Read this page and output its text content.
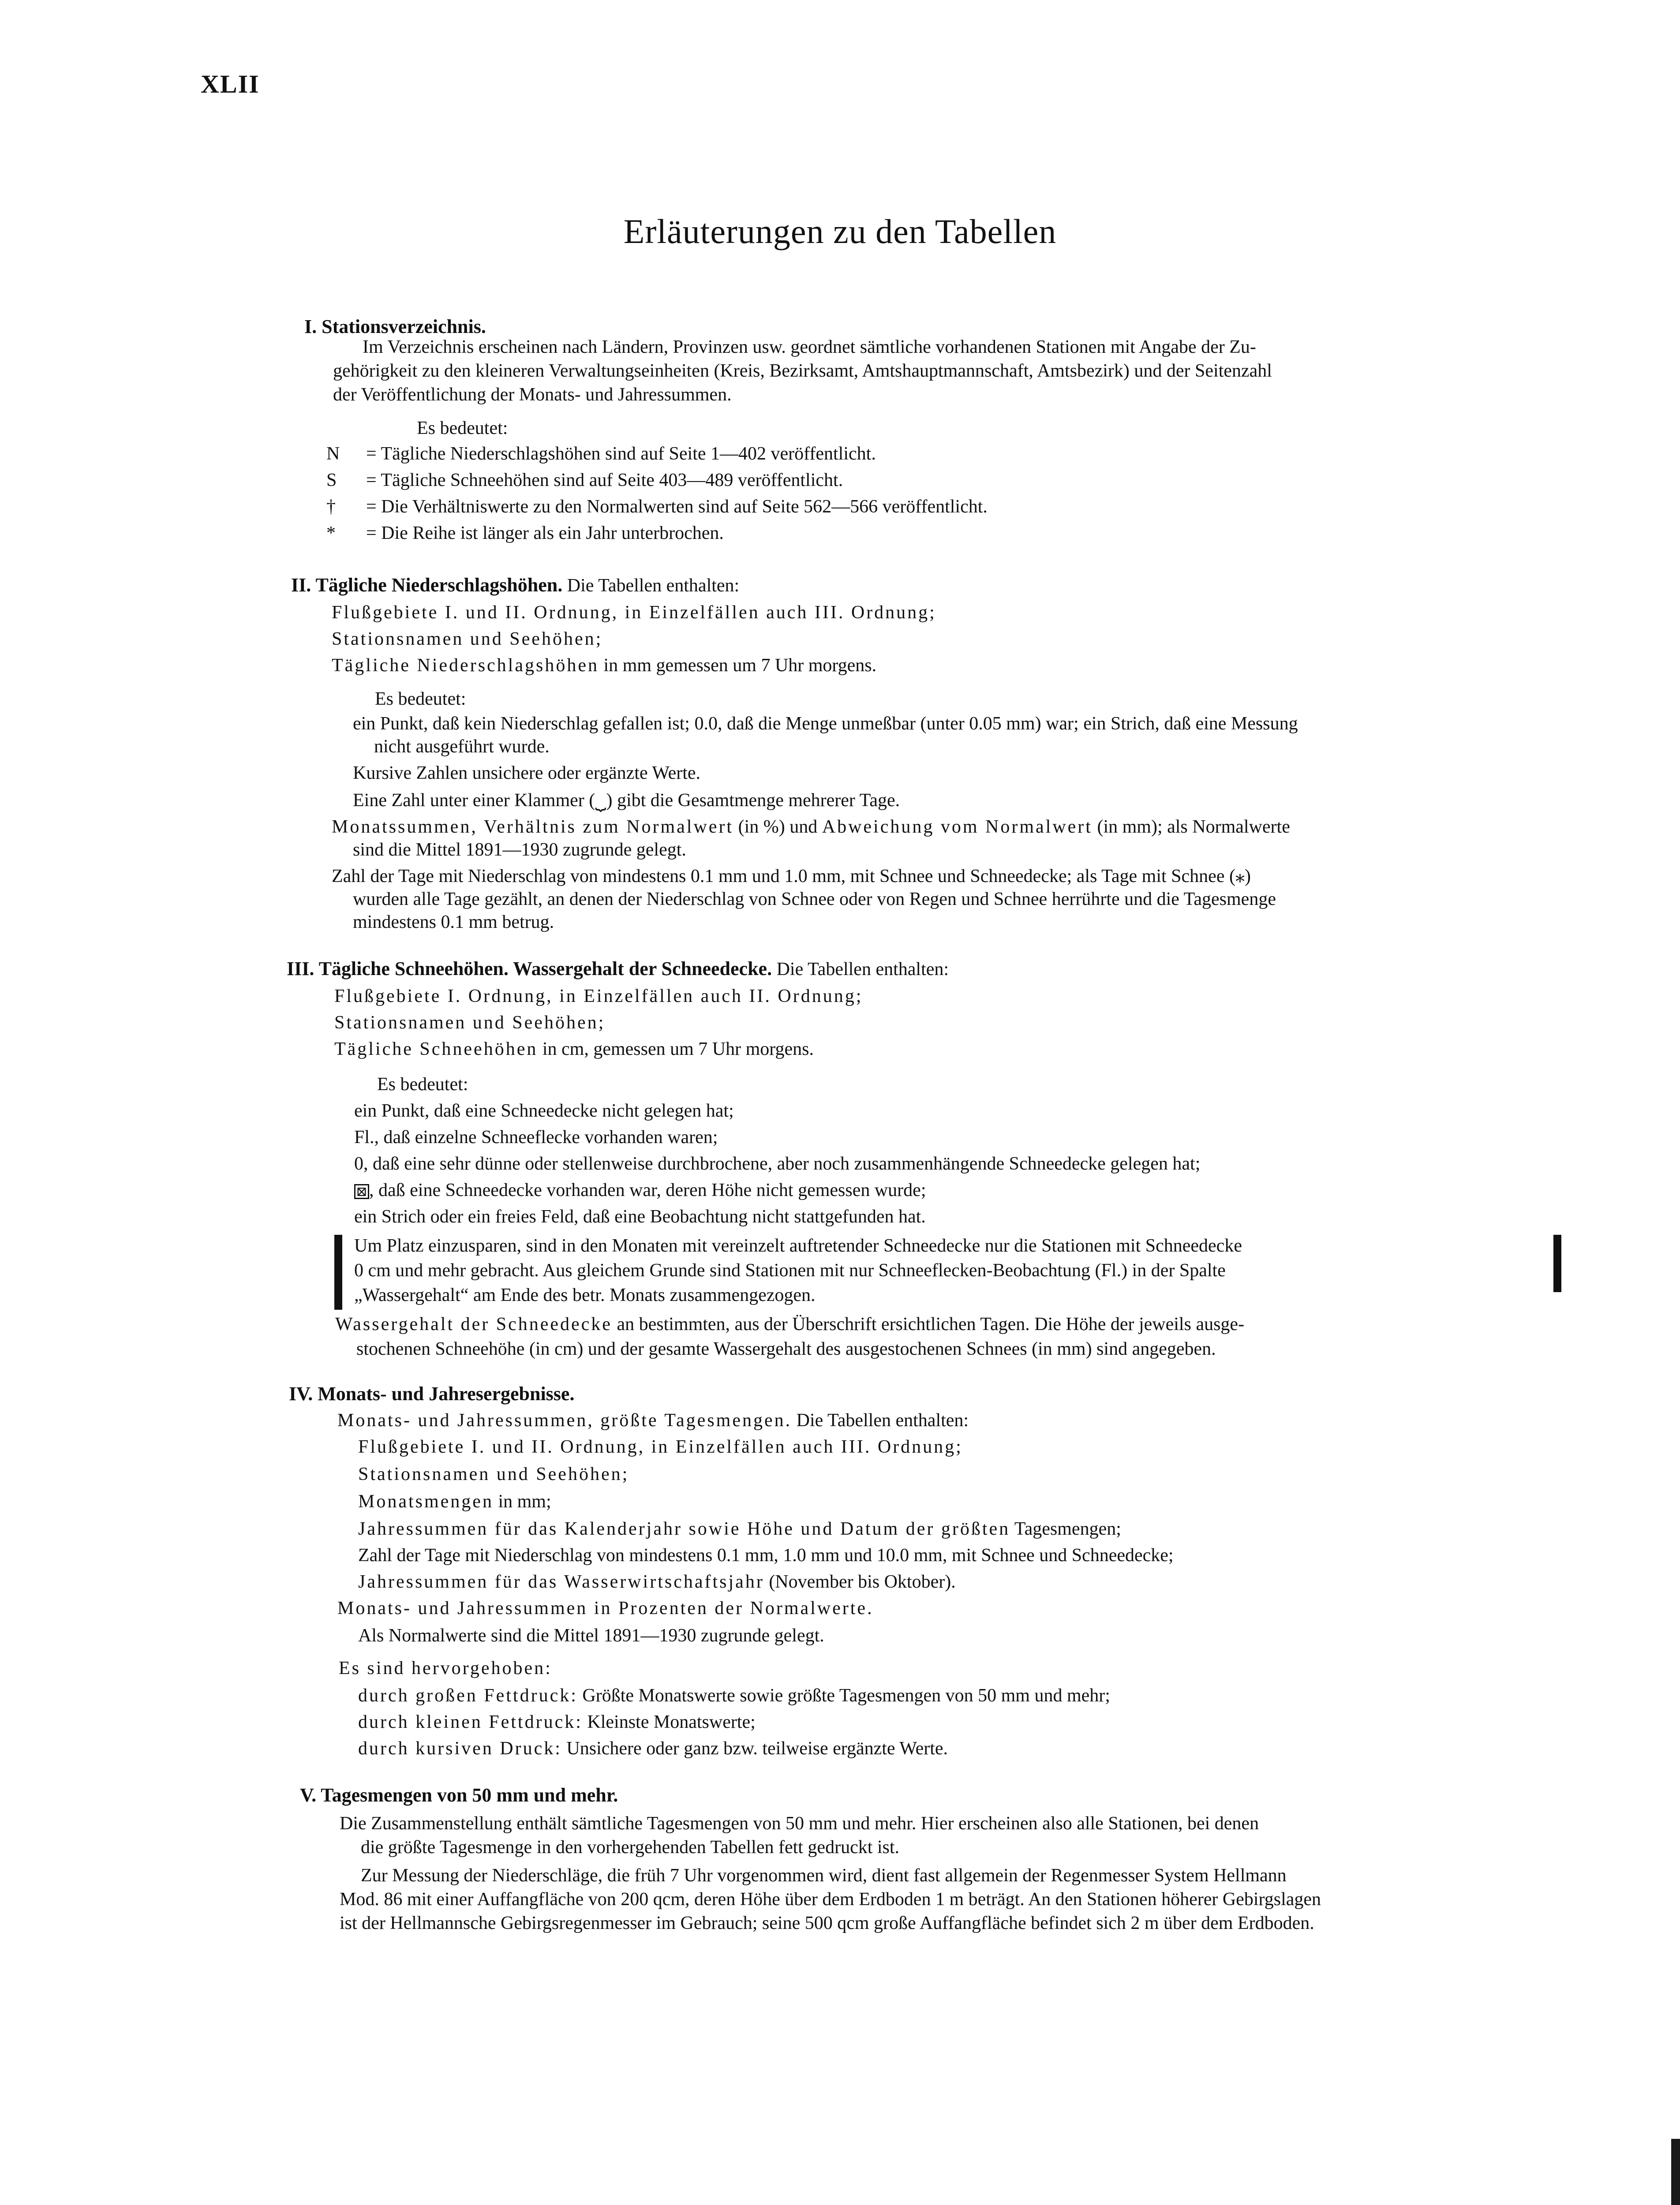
XLII
Erläuterungen zu den Tabellen

I. Stationsverzeichnis.

Im Verzeichnis erscheinen nach Ländern, Provinzen usw. geordnet sämtliche vorhandenen Stationen mit Angabe der Zu-

gehörigkeit zu den kleineren Verwaltungseinheiten (Kreis, Bezirksamt, Amtshauptmannschaft, Amtsbezirk) und der Seitenzahl

der Veröffentlichung der Monats- und Jahressummen.

Es bedeutet:

N = Tägliche Niederschlagshöhen sind auf Seite 1—402 veröffentlicht.

S = Tägliche Schneehöhen sind auf Seite 403—489 veröffentlicht.

† = Die Verhältniswerte zu den Normalwerten sind auf Seite 562—566 veröffentlicht.

* = Die Reihe ist länger als ein Jahr unterbrochen.

II. Tägliche Niederschlagshöhen. Die Tabellen enthalten:

Flußgebiete I. und II. Ordnung, in Einzelfällen auch III. Ordnung;

Stationsnamen und Seehöhen;

Tägliche Niederschlagshöhen in mm gemessen um 7 Uhr morgens.

Es bedeutet:

ein Punkt, daß kein Niederschlag gefallen ist; 0.0, daß die Menge unmeßbar (unter 0.05 mm) war; ein Strich, daß eine Messung

nicht ausgeführt wurde.

Kursive Zahlen unsichere oder ergänzte Werte.

Eine Zahl unter einer Klammer (⏟) gibt die Gesamtmenge mehrerer Tage.

Monatssummen, Verhältnis zum Normalwert (in %) und Abweichung vom Normalwert (in mm); als Normalwerte

sind die Mittel 1891—1930 zugrunde gelegt.

Zahl der Tage mit Niederschlag von mindestens 0.1 mm und 1.0 mm, mit Schnee und Schneedecke; als Tage mit Schnee (⁎)

wurden alle Tage gezählt, an denen der Niederschlag von Schnee oder von Regen und Schnee herrührte und die Tagesmenge

mindestens 0.1 mm betrug.

III. Tägliche Schneehöhen. Wassergehalt der Schneedecke. Die Tabellen enthalten:

Flußgebiete I. Ordnung, in Einzelfällen auch II. Ordnung;

Stationsnamen und Seehöhen;

Tägliche Schneehöhen in cm, gemessen um 7 Uhr morgens.

Es bedeutet:

ein Punkt, daß eine Schneedecke nicht gelegen hat;

Fl., daß einzelne Schneeflecke vorhanden waren;

0, daß eine sehr dünne oder stellenweise durchbrochene, aber noch zusammenhängende Schneedecke gelegen hat;

⊠ , daß eine Schneedecke vorhanden war, deren Höhe nicht gemessen wurde;

ein Strich oder ein freies Feld, daß eine Beobachtung nicht stattgefunden hat.

Um Platz einzusparen, sind in den Monaten mit vereinzelt auftretender Schneedecke nur die Stationen mit Schneedecke

0 cm und mehr gebracht. Aus gleichem Grunde sind Stationen mit nur Schneeflecken-Beobachtung (Fl.) in der Spalte

„Wassergehalt“ am Ende des betr. Monats zusammengezogen.

Wassergehalt der Schneedecke an bestimmten, aus der Überschrift ersichtlichen Tagen. Die Höhe der jeweils ausge-

stochenen Schneehöhe (in cm) und der gesamte Wassergehalt des ausgestochenen Schnees (in mm) sind angegeben.

IV. Monats- und Jahresergebnisse.

Monats- und Jahressummen, größte Tagesmengen. Die Tabellen enthalten:

Flußgebiete I. und II. Ordnung, in Einzelfällen auch III. Ordnung;

Stationsnamen und Seehöhen;

Monatsmengen in mm;

Jahressummen für das Kalenderjahr sowie Höhe und Datum der größten Tagesmengen;

Zahl der Tage mit Niederschlag von mindestens 0.1 mm, 1.0 mm und 10.0 mm, mit Schnee und Schneedecke;

Jahressummen für das Wasserwirtschaftsjahr (November bis Oktober).

Monats- und Jahressummen in Prozenten der Normalwerte.

Als Normalwerte sind die Mittel 1891—1930 zugrunde gelegt.

Es sind hervorgehoben:

durch großen Fettdruck: Größte Monatswerte sowie größte Tagesmengen von 50 mm und mehr;

durch kleinen Fettdruck: Kleinste Monatswerte;

durch kursiven Druck: Unsichere oder ganz bzw. teilweise ergänzte Werte.

V. Tagesmengen von 50 mm und mehr.

Die Zusammenstellung enthält sämtliche Tagesmengen von 50 mm und mehr. Hier erscheinen also alle Stationen, bei denen

die größte Tagesmenge in den vorhergehenden Tabellen fett gedruckt ist.

Zur Messung der Niederschläge, die früh 7 Uhr vorgenommen wird, dient fast allgemein der Regenmesser System Hellmann

Mod. 86 mit einer Auffangfläche von 200 qcm, deren Höhe über dem Erdboden 1 m beträgt. An den Stationen höherer Gebirgslagen

ist der Hellmannsche Gebirgsregenmesser im Gebrauch; seine 500 qcm große Auffangfläche befindet sich 2 m über dem Erdboden.
